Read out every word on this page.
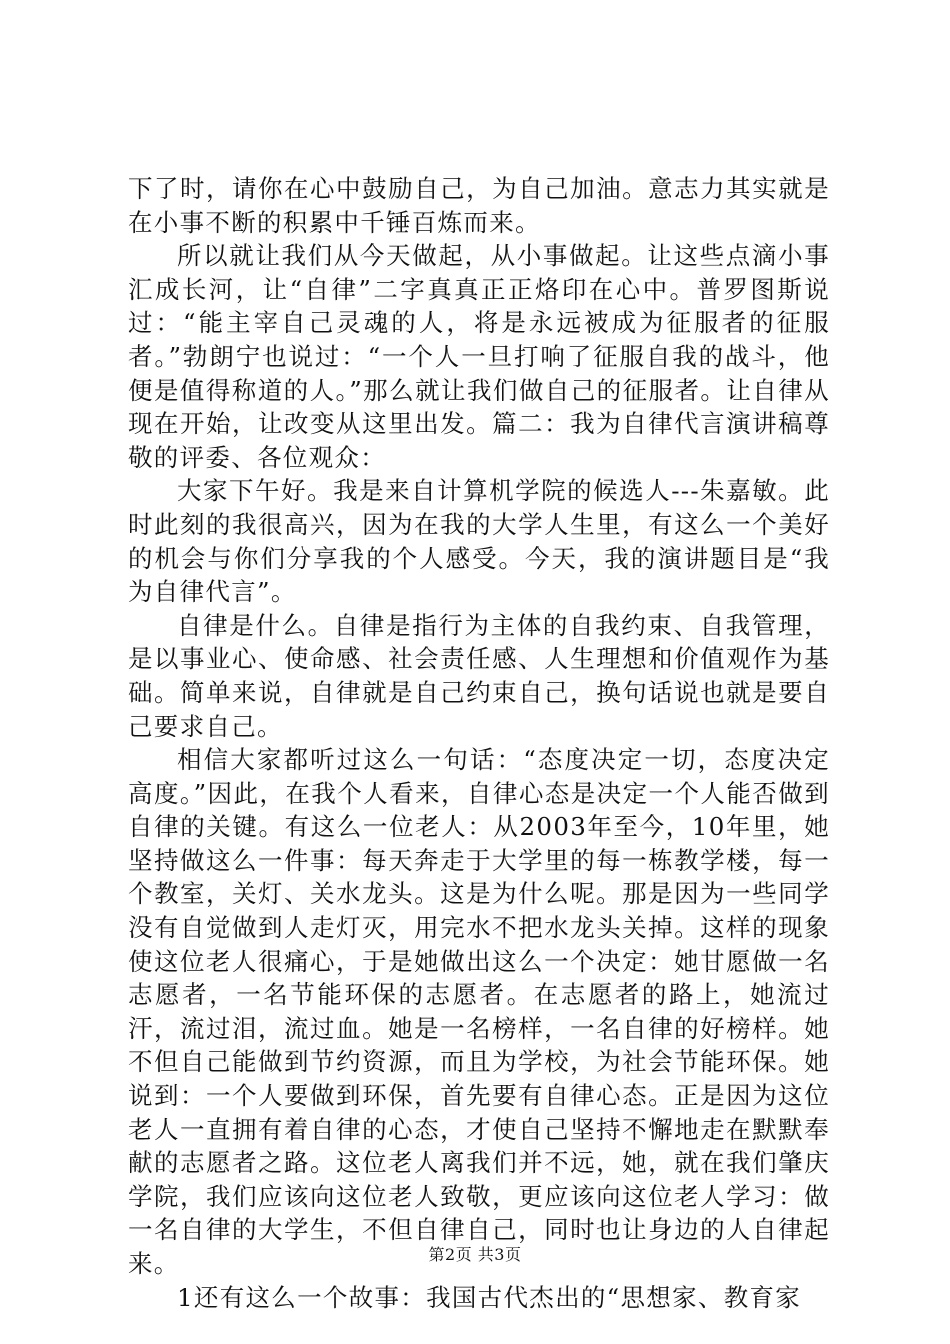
下了时，请你在心中鼓励自己，为自己加油。意志力其实就是在小事不断的积累中千锤百炼而来。

所以就让我们从今天做起，从小事做起。让这些点滴小事汇成长河，让“自律”二字真真正正烙印在心中。普罗图斯说过：“能主宰自己灵魂的人，将是永远被成为征服者的征服者。”勃朗宁也说过：“一个人一旦打响了征服自我的战斗，他便是值得称道的人。”那么就让我们做自己的征服者。让自律从现在开始，让改变从这里出发。篇二：我为自律代言演讲稿尊敬的评委、各位观众：

大家下午好。我是来自计算机学院的候选人---朱嘉敏。此时此刻的我很高兴，因为在我的大学人生里，有这么一个美好的机会与你们分享我的个人感受。今天，我的演讲题目是“我为自律代言”。

自律是什么。自律是指行为主体的自我约束、自我管理，是以事业心、使命感、社会责任感、人生理想和价值观作为基础。简单来说，自律就是自己约束自己，换句话说也就是要自己要求自己。

相信大家都听过这么一句话：“态度决定一切，态度决定高度。”因此，在我个人看来，自律心态是决定一个人能否做到自律的关键。有这么一位老人：从2003年至今，10年里，她坚持做这么一件事：每天奔走于大学里的每一栋教学楼，每一个教室，关灯、关水龙头。这是为什么呢。那是因为一些同学没有自觉做到人走灯灭，用完水不把水龙头关掉。这样的现象使这位老人很痛心，于是她做出这么一个决定：她甘愿做一名志愿者，一名节能环保的志愿者。在志愿者的路上，她流过汗，流过泪，流过血。她是一名榜样，一名自律的好榜样。她不但自己能做到节约资源，而且为学校，为社会节能环保。她说到：一个人要做到环保，首先要有自律心态。正是因为这位老人一直拥有着自律的心态，才使自己坚持不懈地走在默默奉献的志愿者之路。这位老人离我们并不远，她，就在我们肇庆学院，我们应该向这位老人致敬，更应该向这位老人学习：做一名自律的大学生，不但自律自己，同时也让身边的人自律起来。

1还有这么一个故事：我国古代杰出的“思想家、教育家

第2页 共3页
